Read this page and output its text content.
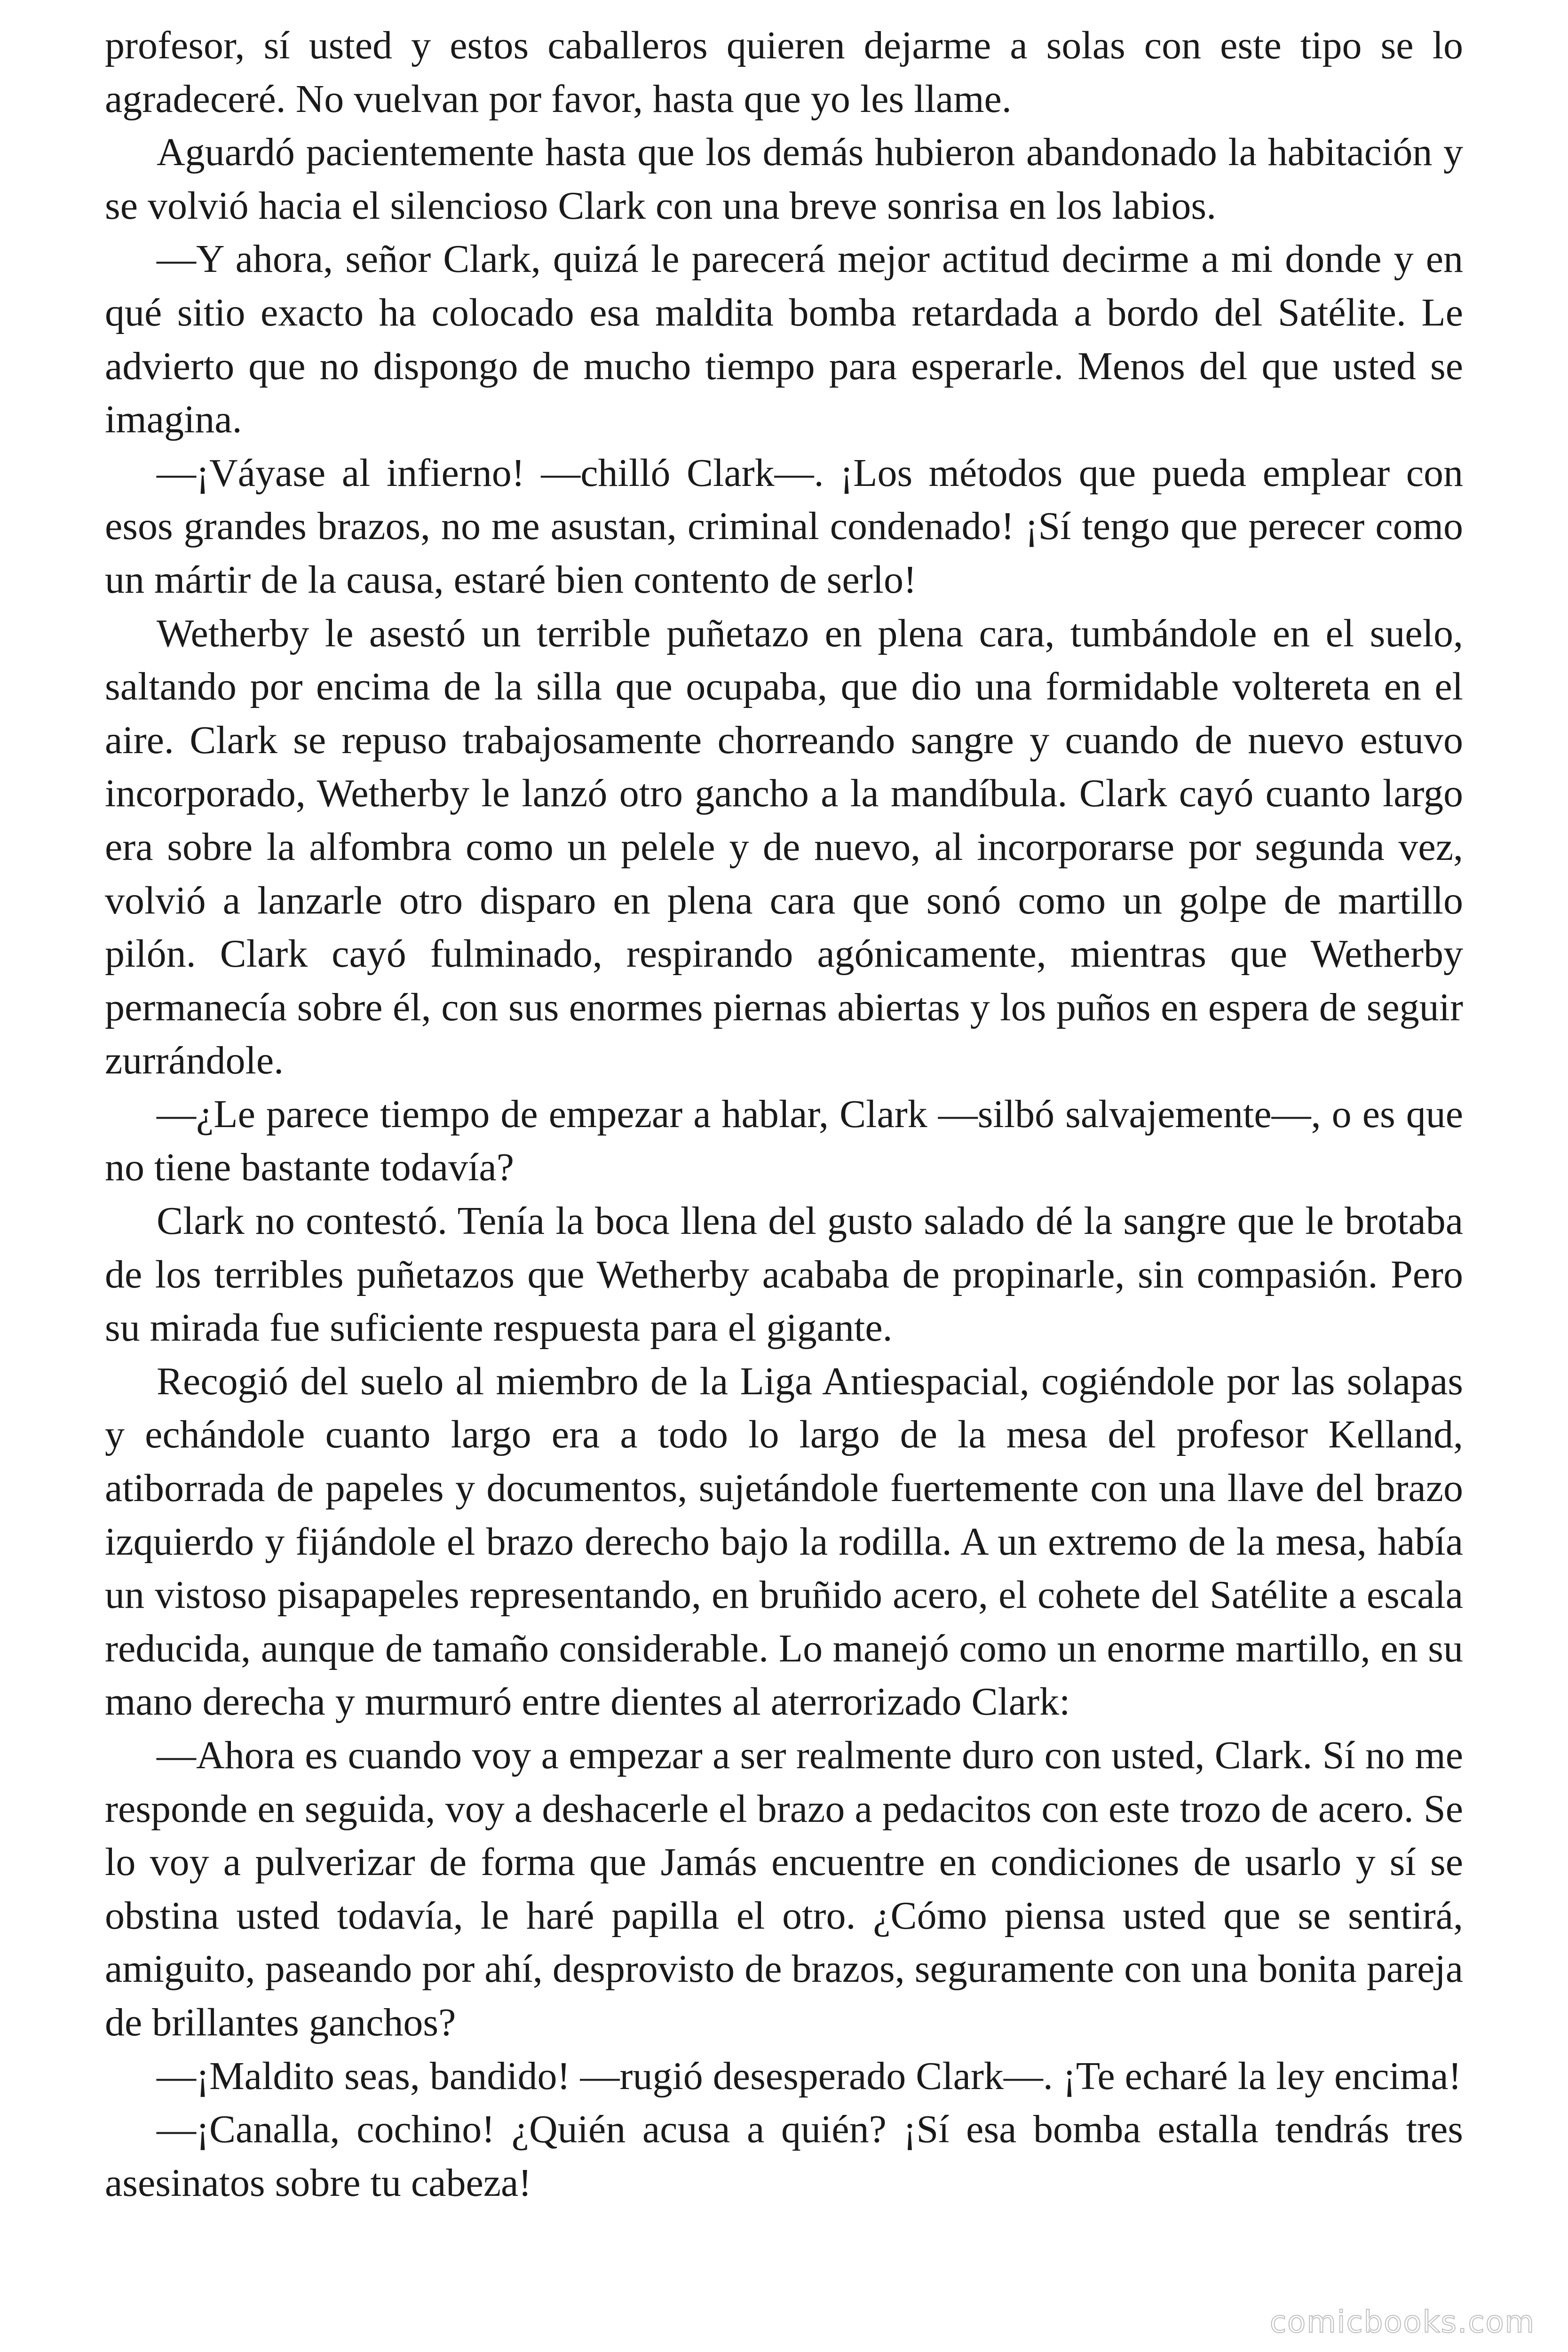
profesor, sí usted y estos caballeros quieren dejarme a solas con este tipo se lo agradeceré. No vuelvan por favor, hasta que yo les llame.

Aguardó pacientemente hasta que los demás hubieron abandonado la habitación y se volvió hacia el silencioso Clark con una breve sonrisa en los labios.

—Y ahora, señor Clark, quizá le parecerá mejor actitud decirme a mi donde y en qué sitio exacto ha colocado esa maldita bomba retardada a bordo del Satélite. Le advierto que no dispongo de mucho tiempo para esperarle. Menos del que usted se imagina.

—¡Váyase al infierno! —chilló Clark—. ¡Los métodos que pueda emplear con esos grandes brazos, no me asustan, criminal condenado! ¡Sí tengo que perecer como un mártir de la causa, estaré bien contento de serlo!

Wetherby le asestó un terrible puñetazo en plena cara, tumbándole en el suelo, saltando por encima de la silla que ocupaba, que dio una formidable voltereta en el aire. Clark se repuso trabajosamente chorreando sangre y cuando de nuevo estuvo incorporado, Wetherby le lanzó otro gancho a la mandíbula. Clark cayó cuanto largo era sobre la alfombra como un pelele y de nuevo, al incorporarse por segunda vez, volvió a lanzarle otro disparo en plena cara que sonó como un golpe de martillo pilón. Clark cayó fulminado, respirando agónicamente, mientras que Wetherby permanecía sobre él, con sus enormes piernas abiertas y los puños en espera de seguir zurrándole.

—¿Le parece tiempo de empezar a hablar, Clark —silbó salvajemente—, o es que no tiene bastante todavía?

Clark no contestó. Tenía la boca llena del gusto salado dé la sangre que le brotaba de los terribles puñetazos que Wetherby acababa de propinarle, sin compasión. Pero su mirada fue suficiente respuesta para el gigante.

Recogió del suelo al miembro de la Liga Antiespacial, cogiéndole por las solapas y echándole cuanto largo era a todo lo largo de la mesa del profesor Kelland, atiborrada de papeles y documentos, sujetándole fuertemente con una llave del brazo izquierdo y fijándole el brazo derecho bajo la rodilla. A un extremo de la mesa, había un vistoso pisapapeles representando, en bruñido acero, el cohete del Satélite a escala reducida, aunque de tamaño considerable. Lo manejó como un enorme martillo, en su mano derecha y murmuró entre dientes al aterrorizado Clark:

—Ahora es cuando voy a empezar a ser realmente duro con usted, Clark. Sí no me responde en seguida, voy a deshacerle el brazo a pedacitos con este trozo de acero. Se lo voy a pulverizar de forma que Jamás encuentre en condiciones de usarlo y sí se obstina usted todavía, le haré papilla el otro. ¿Cómo piensa usted que se sentirá, amiguito, paseando por ahí, desprovisto de brazos, seguramente con una bonita pareja de brillantes ganchos?

—¡Maldito seas, bandido! —rugió desesperado Clark—. ¡Te echaré la ley encima!

—¡Canalla, cochino! ¿Quién acusa a quién? ¡Sí esa bomba estalla tendrás tres asesinatos sobre tu cabeza!

comicbooks.com
